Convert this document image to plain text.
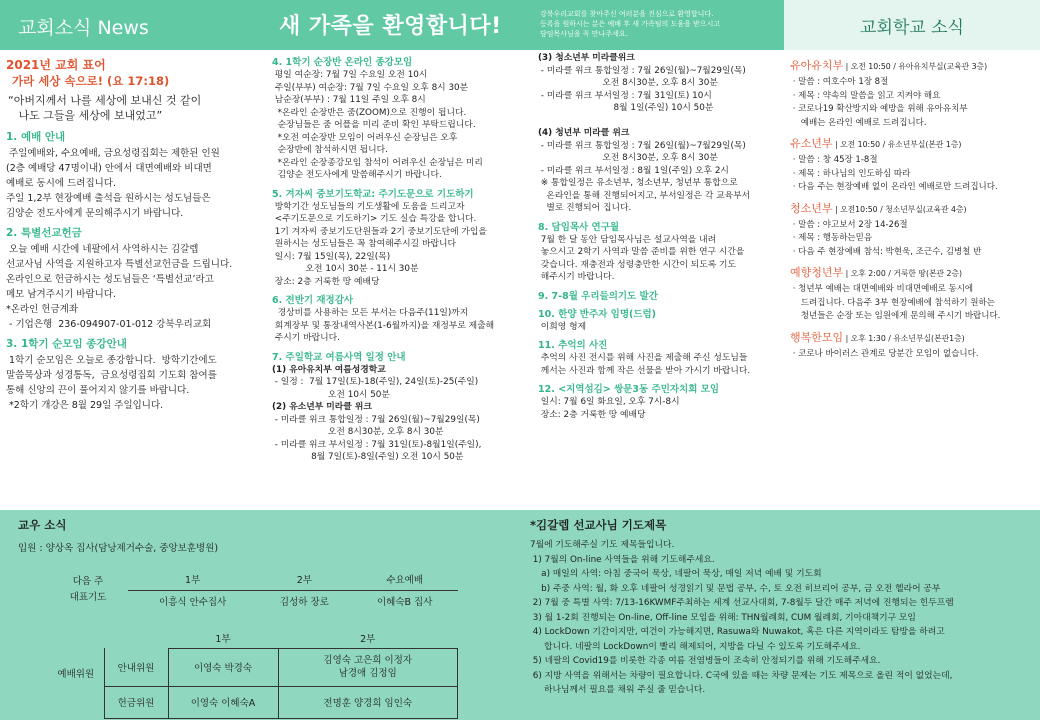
교회소식 News	새 가족을 환영합니다!	강북우리교회를 찾아주신 여러분을 진심으로 환영합니다.
등록을 원하시는 분은 예배 후 새 가족팀의 도움을 받으시고
담임목사님을 꼭 만나주세요.	교회학교 소식
2021년 교회 표어
가라 세상 속으로! (요 17:18)
“아버지께서 나를 세상에 보내신 것 같이
나도 그들을 세상에 보내었고”
1. 예배 안내
주일예배와, 수요예배, 금요성령집회는 제한된 인원
(2층 예배당 47명이내) 안에서 대면예배와 비대면
예배로 동시에 드려집니다.
주일 1,2부 현장예배 출석을 원하시는 성도님들은
김양순 전도사에게 문의해주시기 바랍니다.
2. 특별선교헌금
오늘 예배 시간에 네팔에서 사역하시는 김갈렙
선교사님 사역을 지원하고자 특별선교헌금을 드립니다.
온라인으로 헌금하시는 성도님들은 ‘특별선교’라고
메모 남겨주시기 바랍니다.
*온라인 헌금계좌
- 기업은행  236-094907-01-012 강북우리교회
3. 1학기 순모임 종강안내
1학기 순모임은 오늘로 종강합니다.  방학기간에도
말씀묵상과 성경통독,  금요성령집회 기도회 참여를
통해 신앙의 끈이 풀어지지 않기를 바랍니다.
*2학기 개강은 8월 29일 주일입니다.
4. 1학기 순장반 온라인 종강모임
평일 여순장: 7월 7일 수요일 오전 10시
주일(부부) 여순장: 7월 7일 수요일 오후 8시 30분
남순장(부부) : 7월 11일 주일 오후 8시
*온라인 순장반은 줌(ZOOM)으로 진행이 됩니다.
순장님들은 줌 어플을 미리 준비 확인 부탁드립니다.
*오전 여순장반 모임이 어려우신 순장님은 오후
순장반에 참석하시면 됩니다.
*온라인 순장종강모임 참석이 어려우신 순장님은 미리
김양순 전도사에게 말씀해주시기 바랍니다.
5. 겨자씨 중보기도학교: 주기도문으로 기도하기
방학기간 성도님들의 기도생활에 도움을 드리고자
<주기도문으로 기도하기> 기도 실습 특강을 합니다.
1기 겨자씨 중보기도단원들과 2기 중보기도단에 가입을
원하시는 성도님들은 꼭 참여해주시길 바랍니다
일시: 7월 15일(목), 22일(목)
오전 10시 30분 - 11시 30분
장소: 2층 거룩한 땅 예배당
6. 전반기 재정감사
경상비를 사용하는 모든 부서는 다음주(11일)까지
회계장부 및 통장내역사본(1-6월까지)을 재정부로 제출해
주시기 바랍니다.
7. 주일학교 여름사역 일정 안내
(1) 유아유치부 여름성경학교
- 일정 :  7월 17일(토)-18(주일), 24일(토)-25(주일)
오전 10시 50분
(2) 유소년부 미라클 위크
- 미라클 위크 통합일정 : 7월 26일(월)~7월29일(목)
오전 8시30분, 오후 8시 30분
- 미라클 위크 부서일정 : 7월 31일(토)-8월1일(주일),
8월 7일(토)-8일(주일) 오전 10시 50분
(3) 청소년부 미라클위크
- 미라클 위크 통합일정 : 7월 26일(월)~7월29일(목)
오전 8시30분, 오후 8시 30분
- 미라클 위크 부서일정 : 7월 31일(토) 10시
8월 1일(주일) 10시 50분

(4) 청년부 미라클 위크
- 미라클 위크 통합일정 : 7월 26일(월)~7월29일(목)
오전 8시30분, 오후 8시 30분
- 미라클 위크 부서일정 : 8월 1일(주일) 오후 2시
※ 통합일정은 유소년부, 청소년부, 청년부 통합으로
온라인을 통해 진행되어지고, 부서일정은 각 교육부서
별로 진행되어 집니다.
8. 담임목사 연구월
7월 한 달 동안 담임목사님은 설교사역을 내려
놓으시고 2학기 사역과 말씀 준비를 위한 연구 시간을
갖습니다. 재충전과 성령충만한 시간이 되도록 기도
해주시기 바랍니다.
9. 7-8월 우리들의기도 발간
10. 한양 반주자 임명(드럼)
이희영 형제
11. 추억의 사진
추억의 사진 전시를 위해 사진을 제출해 주신 성도님들
께서는 사진과 함께 작은 선물을 받아 가시기 바랍니다.
12. <지역섬김> 쌍문3동 주민자치회 모임
일시: 7월 6일 화요일, 오후 7시-8시
장소: 2층 거룩한 땅 예배당
유아유치부 | 오전 10:50 / 유아유치부실(교육관 3층)
· 말씀 : 여호수아 1장 8절
· 제목 : 약속의 말씀을 읽고 지켜야 해요
· 코로나19 확산방지와 예방을 위해 유아유치부
예배는 온라인 예배로 드려집니다.
유소년부 | 오전 10:50 / 유소년부실(본관 1층)
· 말씀 : 창 45장 1-8절
· 제목 : 하나님의 인도하심 따라
· 다음 주는 현장예배 없이 온라인 예배로만 드려집니다.
청소년부 | 오전10:50 / 청소년부실(교육관 4층)
· 말씀 : 야고보서 2장 14-26절
· 제목 : 행동하는믿음
· 다음 주 현장예배 참석: 박현욱, 조근수, 김병철 반
예향청년부 | 오후 2:00 / 거룩한 땅(본관 2층)
· 청년부 예배는 대면예배와 비대면예배로 동시에
드려집니다. 다음주 3부 현장예배에 참석하기 원하는
청년들은 순장 또는 임원에게 문의해 주시기 바랍니다.
행복한모임 | 오후 1:30 / 유소년부실(본관1층)
· 코로나 바이러스 관계로 당분간 모임이 없습니다.
교우 소식
입원 : 양상옥 집사(담낭제거수술, 중앙보훈병원)
다음 주
대표기도	1부	2부	수요예배
	이흥식 안수집사	김성하 장로	이혜숙B 집사
예배위원		1부	2부
	안내위원	이영숙 박경숙	김영숙 고은희 이정자
남경애 김정임
	헌금위원	이영숙 이혜숙A	전명훈 양경희 임인숙
*김갈렙 선교사님 기도제목
7월에 기도해주실 기도 제목들입니다.
1) 7월의 On-line 사역들을 위해 기도해주세요.
a) 매일의 사역: 아침 중국어 묵상, 네팔어 묵상, 매일 저녁 예배 및 기도회
b) 주중 사역: 월, 화 오후 네팔어 성경읽기 및 문법 공부, 수, 토 오전 히브리어 공부, 금 오전 헬라어 공부
2) 7월 중 특별 사역: 7/13-16KWMF주최하는 세계 선교사대회, 7-8월두 달간 매주 저녁에 진행되는 힌두프렘
3) 월 1-2회 진행되는 On-line, Off-line 모임을 위해: THN월례회, CUM 월례회, 기아대책기구 모임
4) LockDown 기간이지만, 여건이 가능해지면, Rasuwa와 Nuwakot, 혹은 다른 지역이라도 탐방을 하려고
합니다. 네팔의 LockDown이 빨리 해제되어, 지방을 다닐 수 있도록 기도해주세요.
5) 네팔의 Covid19를 비롯한 각종 여름 전염병들이 조속히 안정되기를 위해 기도해주세요.
6) 지방 사역을 위해서는 차량이 필요합니다. C국에 있을 때는 차량 문제는 기도 제목으로 올린 적이 없었는데,
하나님께서 필요를 채워 주실 줄 믿습니다.
